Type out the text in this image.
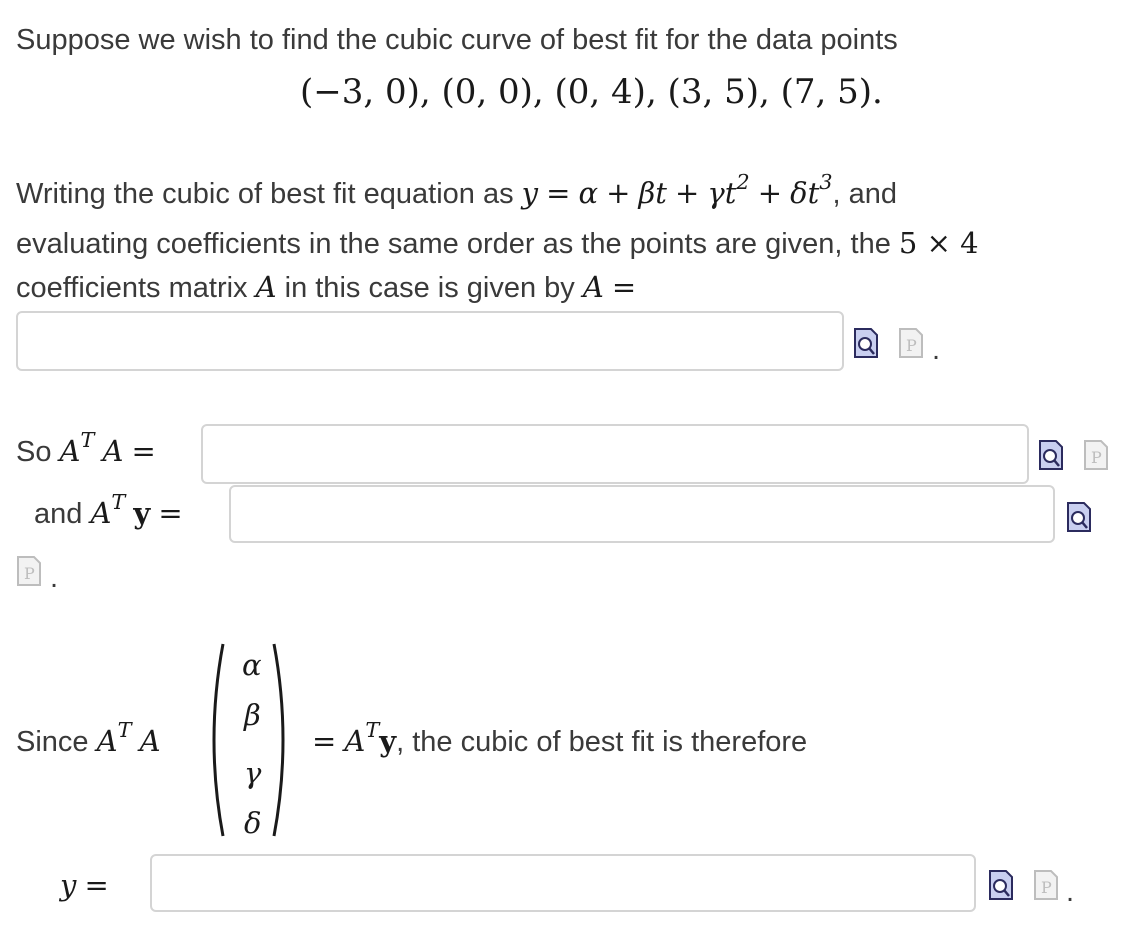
Suppose we wish to find the cubic curve of best fit for the data points
(−3, 0), (0, 0), (0, 4), (3, 5), (7, 5).
Writing the cubic of best fit equation as $y = \alpha + \beta t + \gamma t^2 + \delta t^3$, and
evaluating coefficients in the same order as the points are given, the 5 × 4
coefficients matrix A in this case is given by A =
P .
So $A^T$ A =	P
and $A^T$ y =
P .
Since $A^T$ A
α
β
γ
δ
= $A^Ty$, the cubic of best fit is therefore
y =	P .
